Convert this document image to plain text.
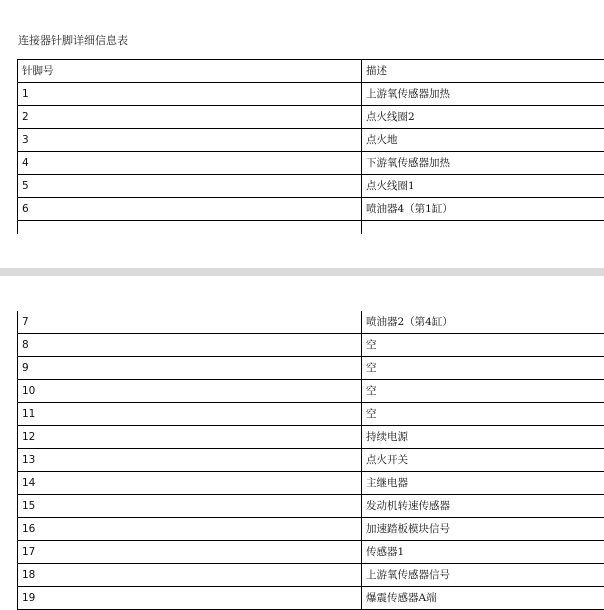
连接器针脚详细信息表
针脚号	描述
1	上游氧传感器加热
2	点火线圈2
3	点火地
4	下游氧传感器加热
5	点火线圈1
6	喷油器4（第1缸）
7	喷油器2（第4缸）
8	空
9	空
10	空
11	空
12	持续电源
13	点火开关
14	主继电器
15	发动机转速传感器
16	加速踏板模块信号
17	传感器1
18	上游氧传感器信号
19	爆震传感器A端
